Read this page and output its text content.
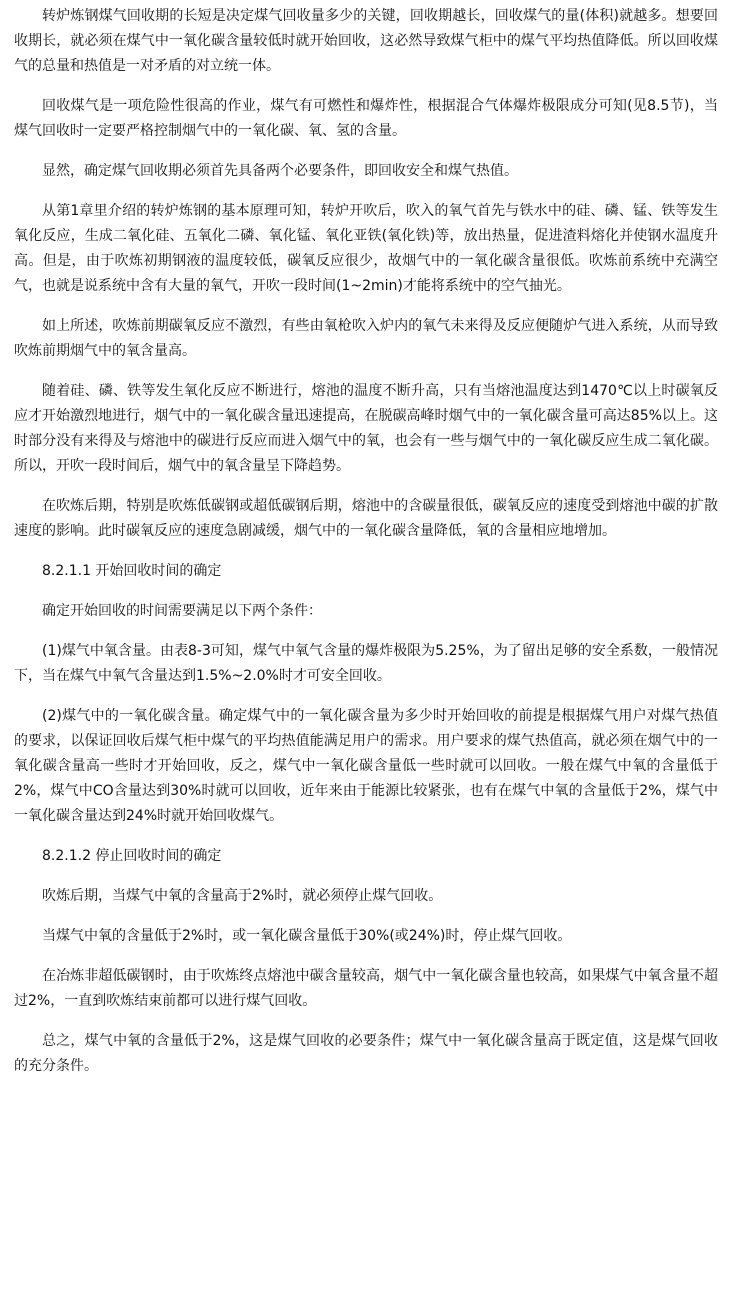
转炉炼钢煤气回收期的长短是决定煤气回收量多少的关键，回收期越长，回收煤气的量(体积)就越多。想要回收期长，就必须在煤气中一氧化碳含量较低时就开始回收，这必然导致煤气柜中的煤气平均热值降低。所以回收煤气的总量和热值是一对矛盾的对立统一体。

回收煤气是一项危险性很高的作业，煤气有可燃性和爆炸性，根据混合气体爆炸极限成分可知(见8.5节)，当煤气回收时一定要严格控制烟气中的一氧化碳、氧、氢的含量。

显然，确定煤气回收期必须首先具备两个必要条件，即回收安全和煤气热值。

从第1章里介绍的转炉炼钢的基本原理可知，转炉开吹后，吹入的氧气首先与铁水中的硅、磷、锰、铁等发生氧化反应，生成二氧化硅、五氧化二磷、氧化锰、氧化亚铁(氧化铁)等，放出热量，促进渣料熔化并使钢水温度升高。但是，由于吹炼初期钢液的温度较低，碳氧反应很少，故烟气中的一氧化碳含量很低。吹炼前系统中充满空气，也就是说系统中含有大量的氧气，开吹一段时间(1~2min)才能将系统中的空气抽光。

如上所述，吹炼前期碳氧反应不激烈，有些由氧枪吹入炉内的氧气未来得及反应便随炉气进入系统，从而导致吹炼前期烟气中的氧含量高。

随着硅、磷、铁等发生氧化反应不断进行，熔池的温度不断升高，只有当熔池温度达到1470℃以上时碳氧反应才开始激烈地进行，烟气中的一氧化碳含量迅速提高，在脱碳高峰时烟气中的一氧化碳含量可高达85%以上。这时部分没有来得及与熔池中的碳进行反应而进入烟气中的氧，也会有一些与烟气中的一氧化碳反应生成二氧化碳。所以，开吹一段时间后，烟气中的氧含量呈下降趋势。

在吹炼后期，特别是吹炼低碳钢或超低碳钢后期，熔池中的含碳量很低，碳氧反应的速度受到熔池中碳的扩散速度的影响。此时碳氧反应的速度急剧减缓，烟气中的一氧化碳含量降低，氧的含量相应地增加。

8.2.1.1 开始回收时间的确定

确定开始回收的时间需要满足以下两个条件：

(1)煤气中氧含量。由表8-3可知，煤气中氧气含量的爆炸极限为5.25%，为了留出足够的安全系数，一般情况下，当在煤气中氧气含量达到1.5%~2.0%时才可安全回收。

(2)煤气中的一氧化碳含量。确定煤气中的一氧化碳含量为多少时开始回收的前提是根据煤气用户对煤气热值的要求，以保证回收后煤气柜中煤气的平均热值能满足用户的需求。用户要求的煤气热值高，就必须在烟气中的一氧化碳含量高一些时才开始回收，反之，煤气中一氧化碳含量低一些时就可以回收。一般在煤气中氧的含量低于2%，煤气中CO含量达到30%时就可以回收，近年来由于能源比较紧张，也有在煤气中氧的含量低于2%，煤气中一氧化碳含量达到24%时就开始回收煤气。

8.2.1.2 停止回收时间的确定

吹炼后期，当煤气中氧的含量高于2%时，就必须停止煤气回收。

当煤气中氧的含量低于2%时，或一氧化碳含量低于30%(或24%)时，停止煤气回收。

在冶炼非超低碳钢时，由于吹炼终点熔池中碳含量较高，烟气中一氧化碳含量也较高，如果煤气中氧含量不超过2%，一直到吹炼结束前都可以进行煤气回收。

总之，煤气中氧的含量低于2%，这是煤气回收的必要条件；煤气中一氧化碳含量高于既定值，这是煤气回收的充分条件。
